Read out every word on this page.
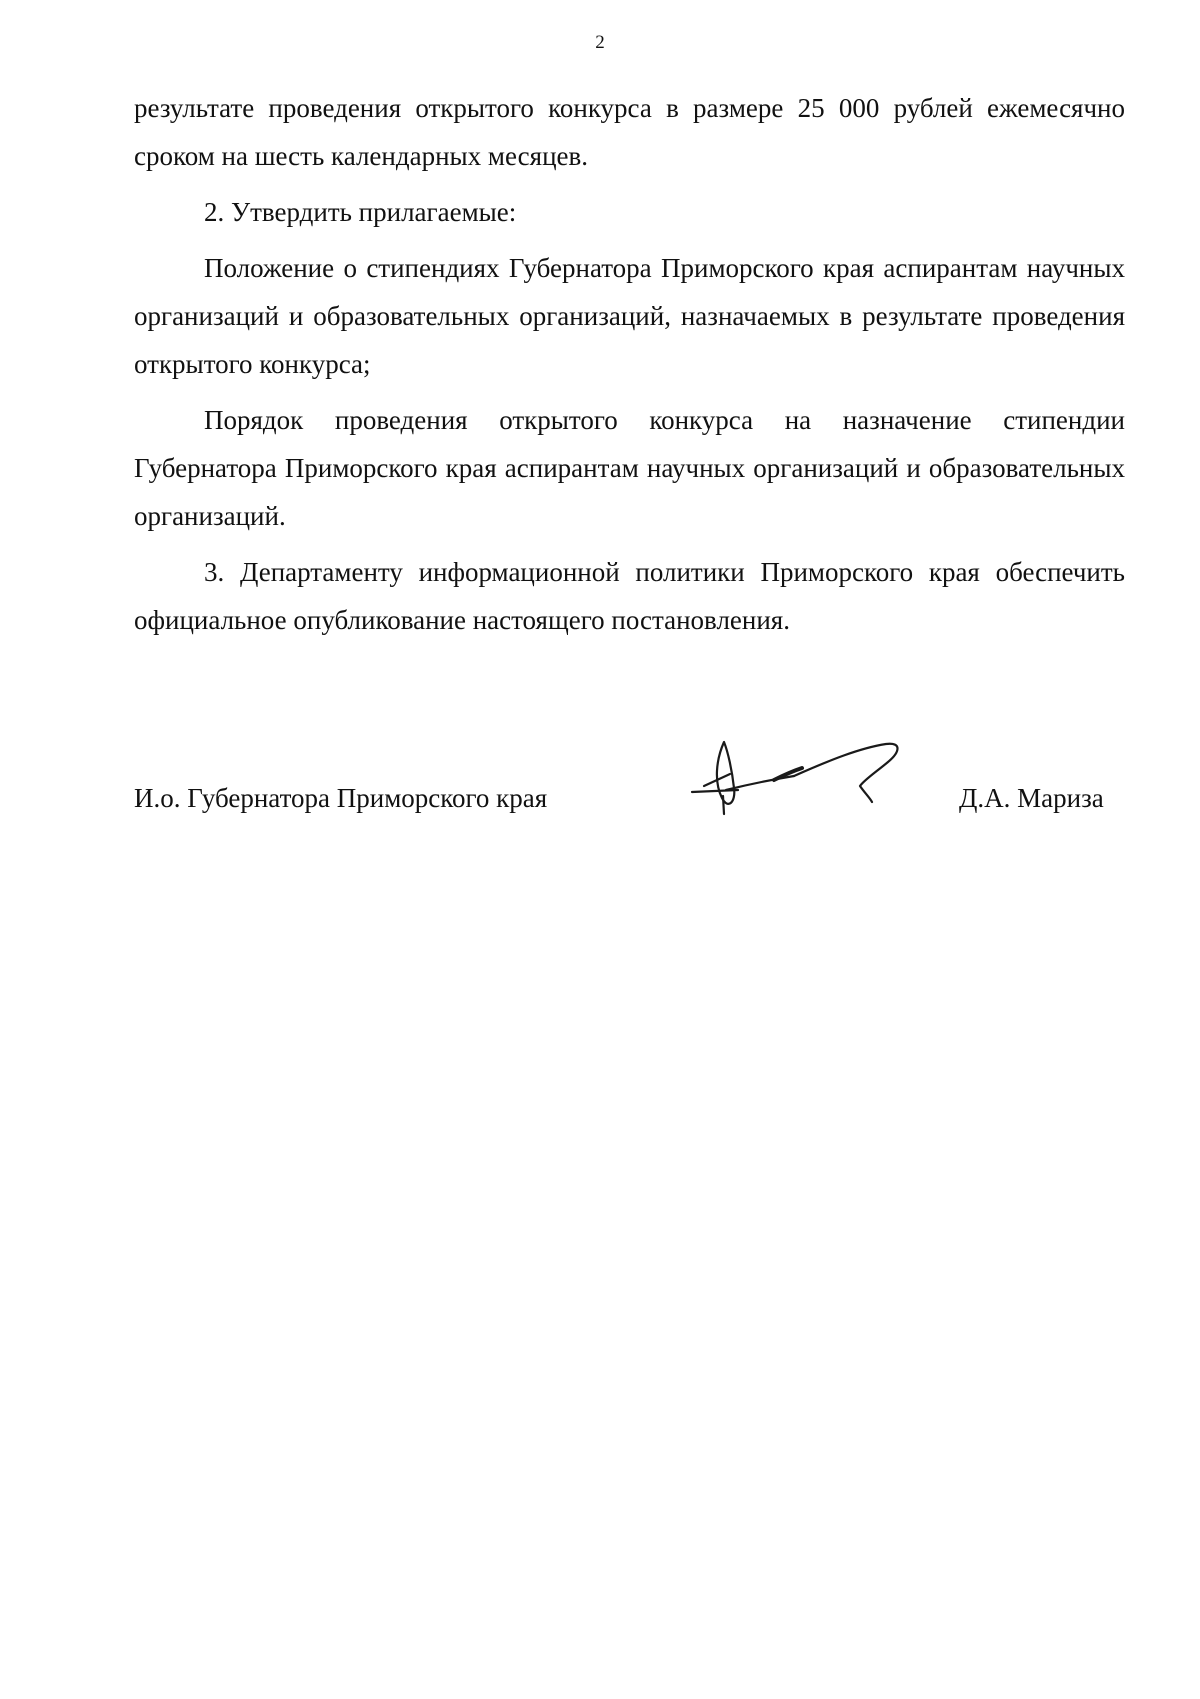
2

результате проведения открытого конкурса в размере 25 000 рублей ежемесячно сроком на шесть календарных месяцев.

2. Утвердить прилагаемые:

Положение о стипендиях Губернатора Приморского края аспирантам научных организаций и образовательных организаций, назначаемых в результате проведения открытого конкурса;

Порядок проведения открытого конкурса на назначение стипендии Губернатора Приморского края аспирантам научных организаций и образовательных организаций.

3. Департаменту информационной политики Приморского края обеспечить официальное опубликование настоящего постановления.

И.о. Губернатора Приморского края	Д.А. Мариза
